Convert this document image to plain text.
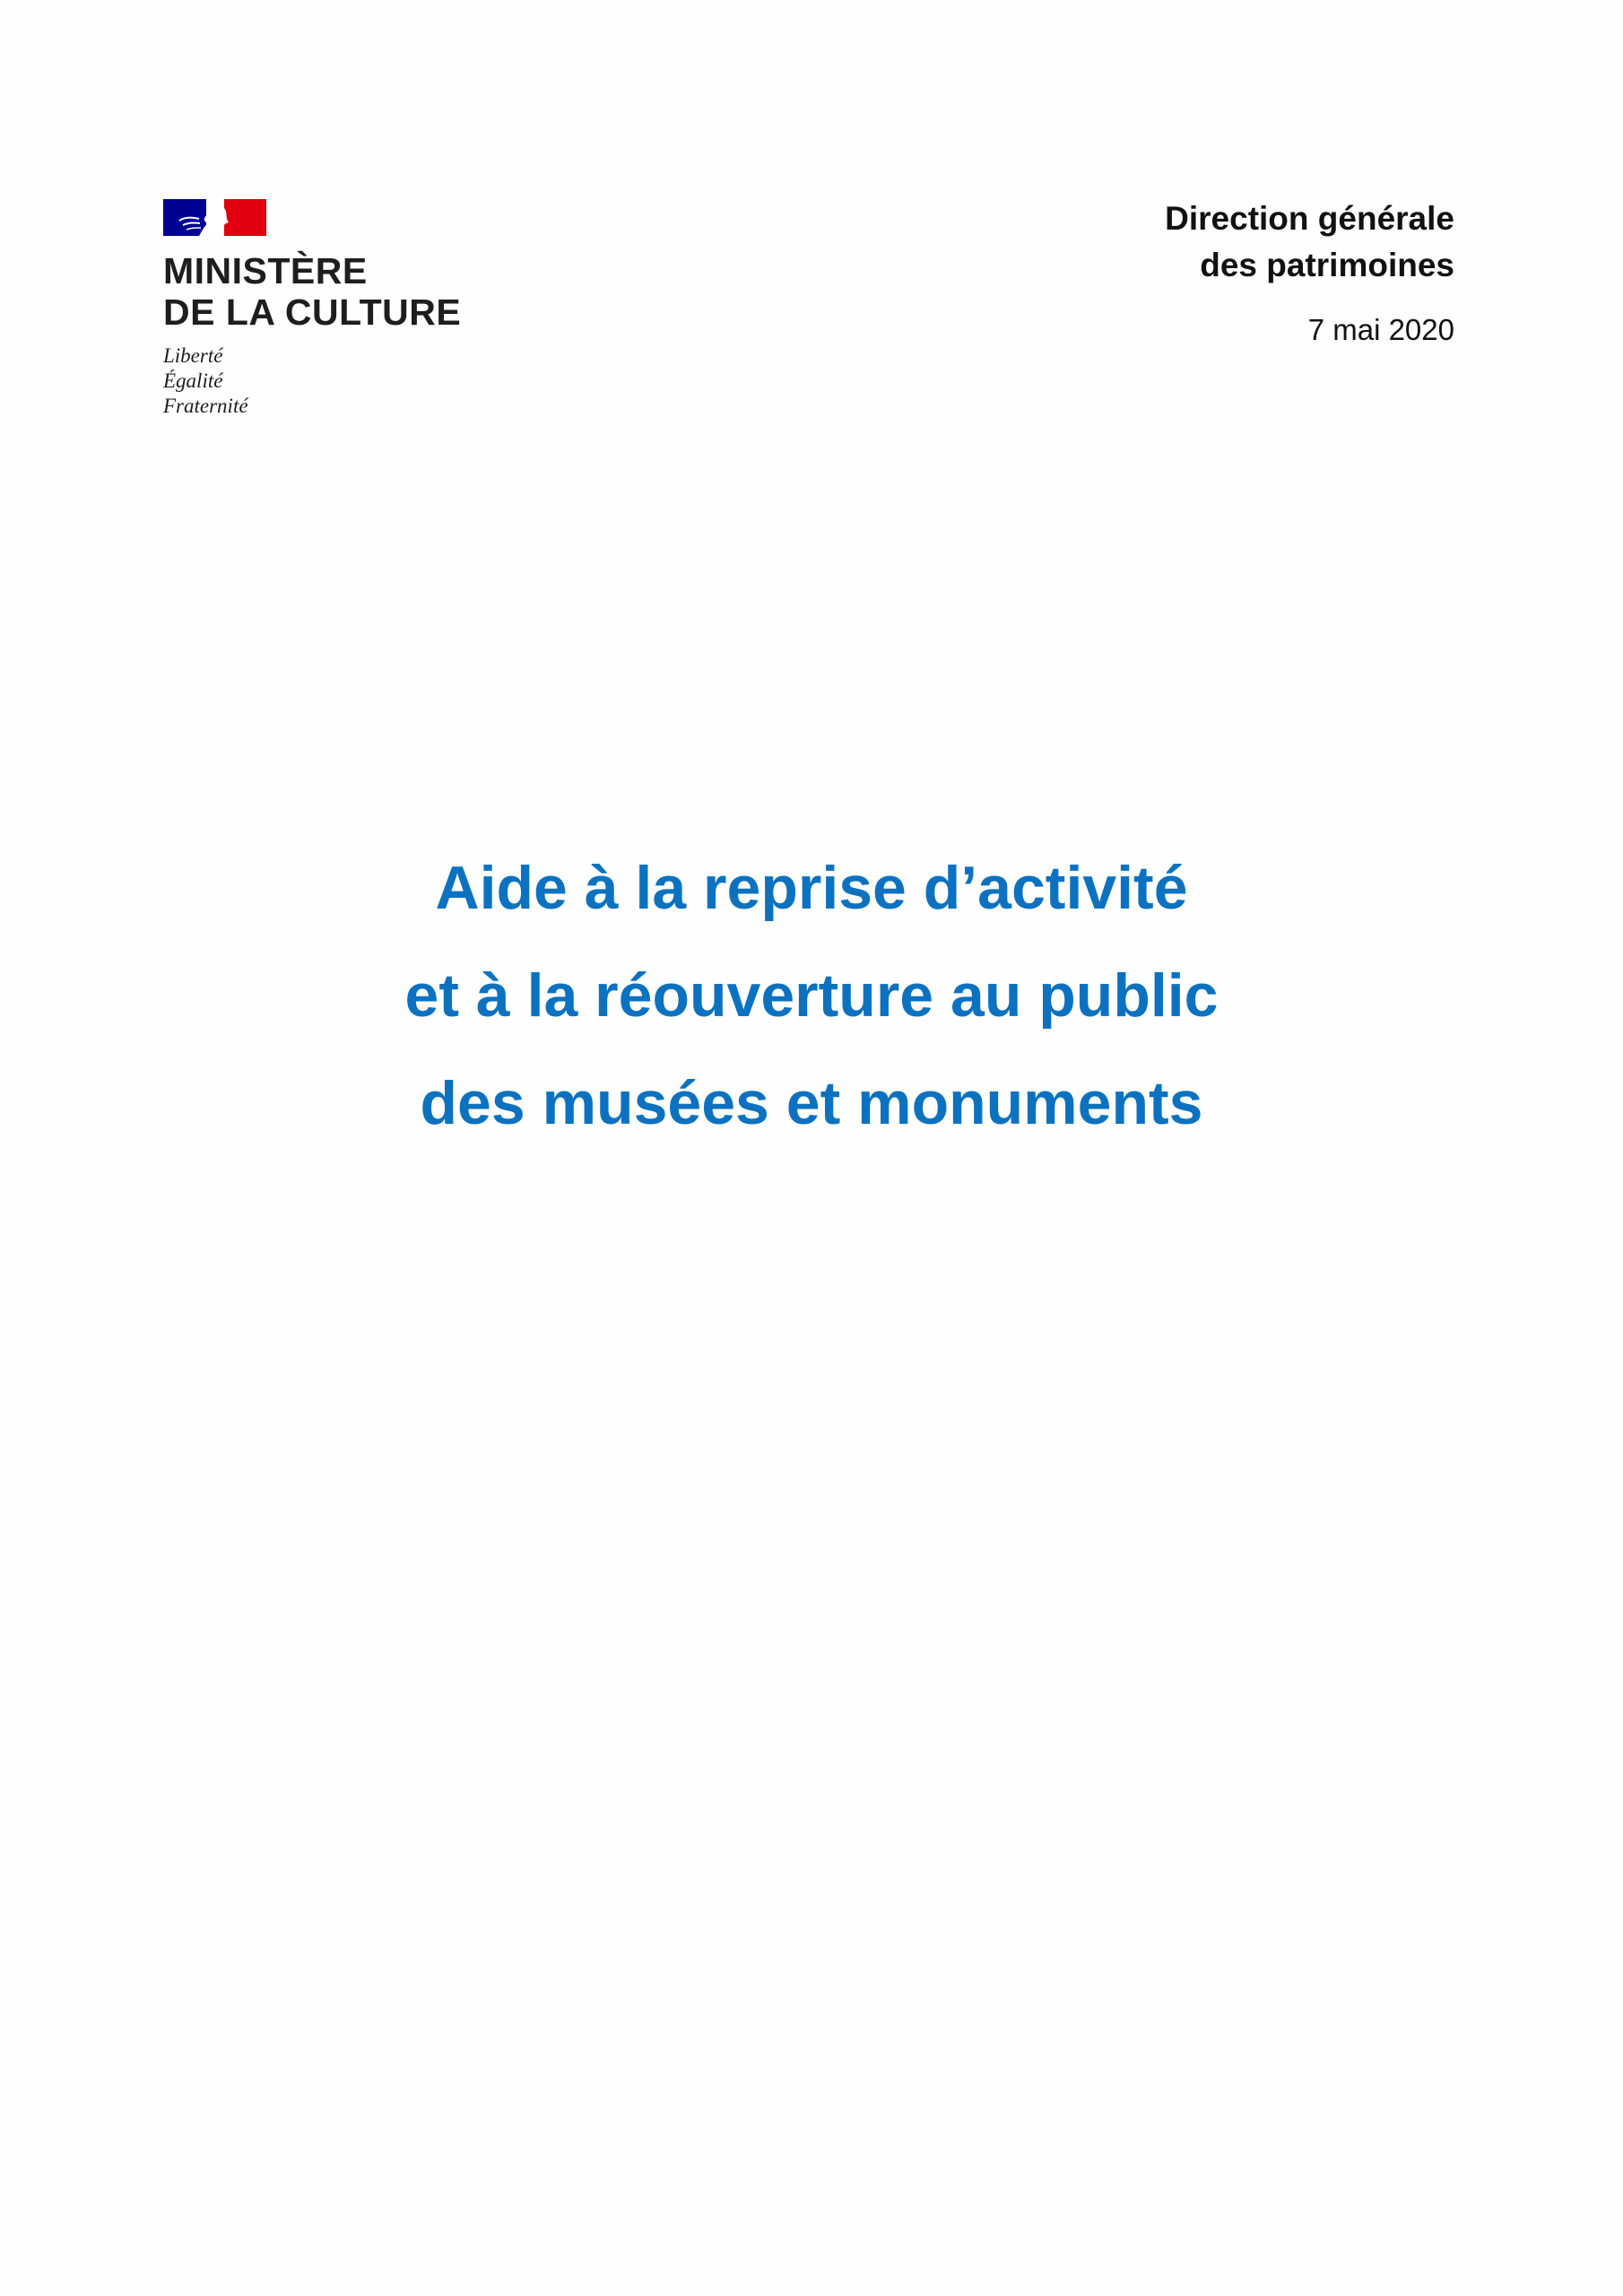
MINISTÈRE
DE LA CULTURE
Liberté
Égalité
Fraternité
Direction générale
des patrimoines
7 mai 2020
Aide à la reprise d’activité
et à la réouverture au public
des musées et monuments
